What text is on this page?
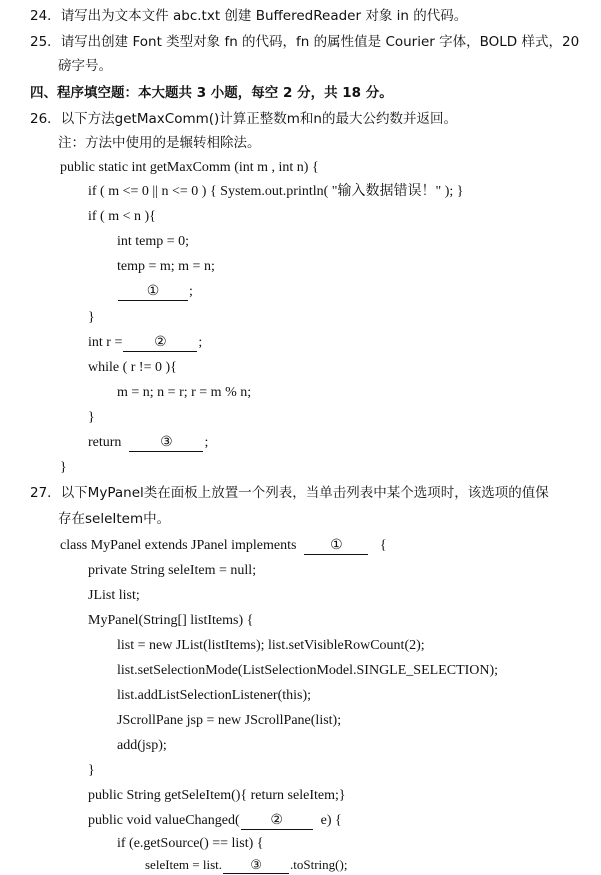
24．请写出为文本文件 abc.txt 创建 BufferedReader 对象 in 的代码。
25．请写出创建 Font 类型对象 fn 的代码，fn 的属性值是 Courier 字体，BOLD 样式，20
磅字号。
四、程序填空题：本大题共 3 小题，每空 2 分，共 18 分。
26．以下方法getMaxComm()计算正整数m和n的最大公约数并返回。
注：方法中使用的是辗转相除法。
public static int getMaxComm (int m , int n) {
if ( m <= 0 || n <= 0 ) { System.out.println( "输入数据错误！" ); }
if ( m < n ){
int temp = 0;
temp = m; m = n;
① ;
}
int r = ② ;
while ( r != 0 ){
m = n; n = r; r = m % n;
}
return	③ ;
}
27．以下MyPanel类在面板上放置一个列表，当单击列表中某个选项时，该选项的值保
存在seleItem中。
class MyPanel extends JPanel implements ①	{
private String seleItem = null;
JList list;
MyPanel(String[] listItems) {
list = new JList(listItems); list.setVisibleRowCount(2);
list.setSelectionMode(ListSelectionModel.SINGLE_SELECTION);
list.addListSelectionListener(this);
JScrollPane jsp = new JScrollPane(list);
add(jsp);
}
public String getSeleItem(){ return seleItem;}
public void valueChanged( ②	e) {
if (e.getSource() == list) {
seleItem = list. ③ .toString();
